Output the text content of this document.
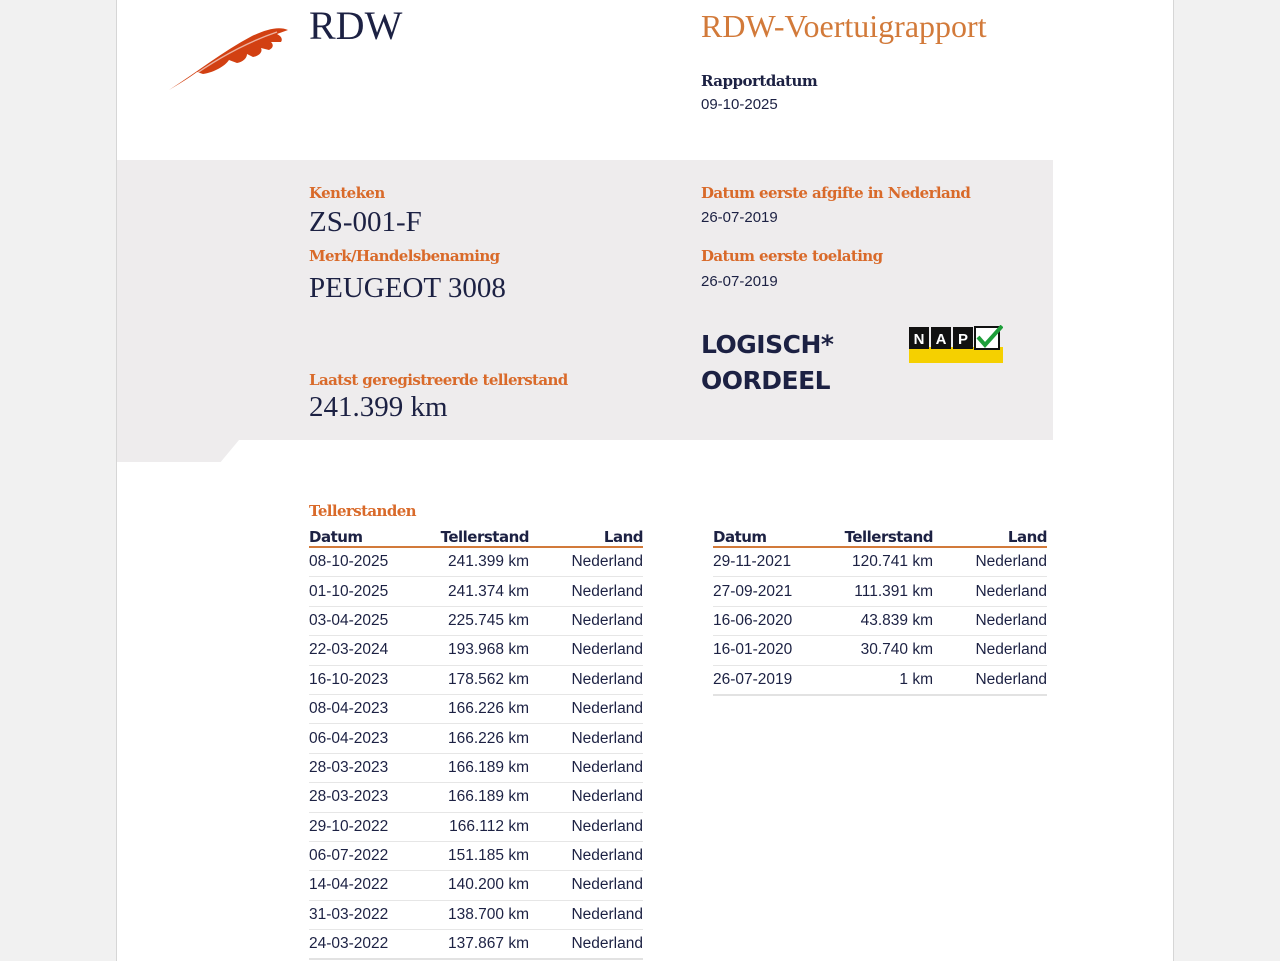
RDW	RDW-Voertuigrapport
Rapportdatum
09-10-2025
Kenteken
ZS-001-F
Merk/Handelsbenaming
PEUGEOT 3008
Laatst geregistreerde tellerstand
241.399 km
Datum eerste afgifte in Nederland
26-07-2019
Datum eerste toelating
26-07-2019
LOGISCH*
OORDEEL
N A P
Tellerstanden
Datum	Tellerstand	Land
08-10-2025	241.399 km	Nederland
01-10-2025	241.374 km	Nederland
03-04-2025	225.745 km	Nederland
22-03-2024	193.968 km	Nederland
16-10-2023	178.562 km	Nederland
08-04-2023	166.226 km	Nederland
06-04-2023	166.226 km	Nederland
28-03-2023	166.189 km	Nederland
28-03-2023	166.189 km	Nederland
29-10-2022	166.112 km	Nederland
06-07-2022	151.185 km	Nederland
14-04-2022	140.200 km	Nederland
31-03-2022	138.700 km	Nederland
24-03-2022	137.867 km	Nederland
Datum	Tellerstand	Land
29-11-2021	120.741 km	Nederland
27-09-2021	111.391 km	Nederland
16-06-2020	43.839 km	Nederland
16-01-2020	30.740 km	Nederland
26-07-2019	1 km	Nederland
